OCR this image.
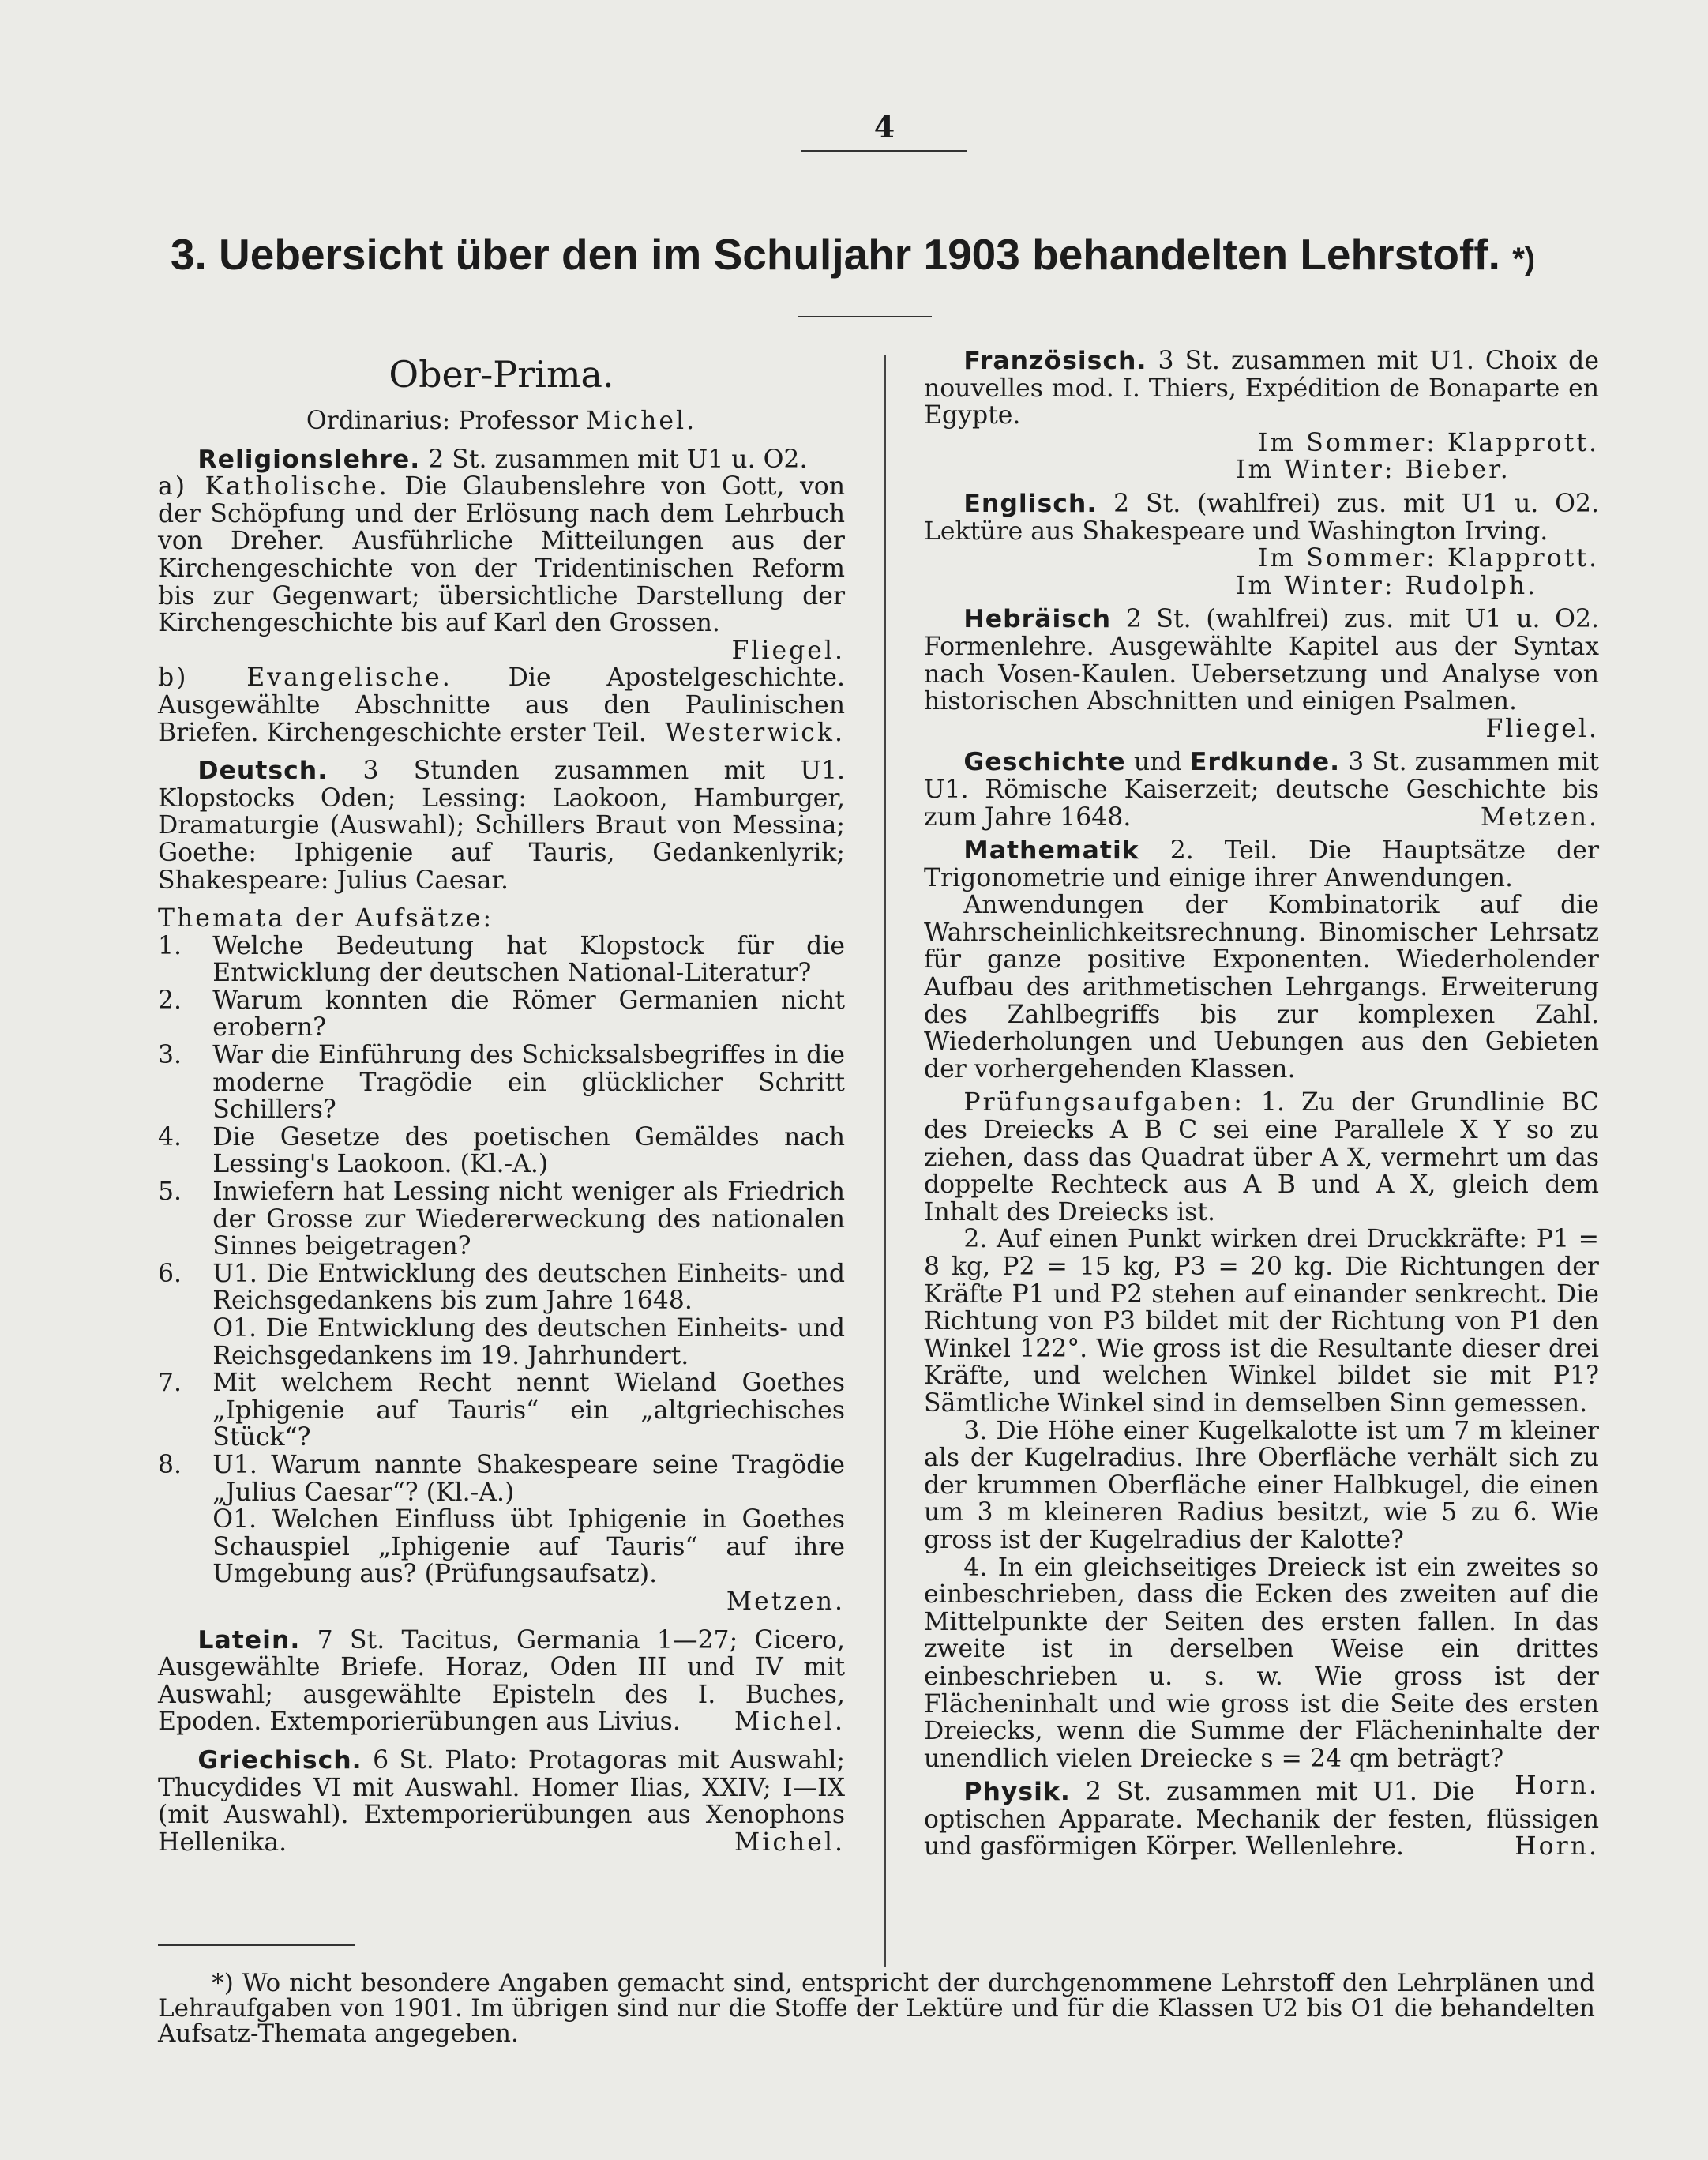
4
3. Uebersicht über den im Schuljahr 1903 behandelten Lehrstoff. *)
Ober-Prima.
Ordinarius: Professor Michel.

Religionslehre. 2 St. zusammen mit U1 u. O2.

a) Katholische. Die Glaubenslehre von Gott, von der Schöpfung und der Erlösung nach dem Lehrbuch von Dreher. Ausführliche Mitteilungen aus der Kirchengeschichte von der Tridentinischen Reform bis zur Gegenwart; übersichtliche Darstellung der Kirchengeschichte bis auf Karl den Grossen.

Fliegel.

b) Evangelische. Die Apostelgeschichte. Ausgewählte Abschnitte aus den Paulinischen Briefen. Kirchengeschichte erster Teil. Westerwick.

Deutsch. 3 Stunden zusammen mit U1. Klopstocks Oden; Lessing: Laokoon, Hamburger, Dramaturgie (Auswahl); Schillers Braut von Messina; Goethe: Iphigenie auf Tauris, Gedankenlyrik; Shakespeare: Julius Caesar.

Themata der Aufsätze:

1. Welche Bedeutung hat Klopstock für die Entwicklung der deutschen National-Literatur?

2. Warum konnten die Römer Germanien nicht erobern?

3. War die Einführung des Schicksalsbegriffes in die moderne Tragödie ein glücklicher Schritt Schillers?

4. Die Gesetze des poetischen Gemäldes nach Lessing's Laokoon. (Kl.-A.)

5. Inwiefern hat Lessing nicht weniger als Friedrich der Grosse zur Wiedererweckung des nationalen Sinnes beigetragen?

6. U1. Die Entwicklung des deutschen Einheits- und Reichsgedankens bis zum Jahre 1648.

O1. Die Entwicklung des deutschen Einheits- und Reichsgedankens im 19. Jahrhundert.

7. Mit welchem Recht nennt Wieland Goethes „Iphigenie auf Tauris“ ein „altgriechisches Stück“?

8. U1. Warum nannte Shakespeare seine Tragödie „Julius Caesar“? (Kl.-A.)

O1. Welchen Einfluss übt Iphigenie in Goethes Schauspiel „Iphigenie auf Tauris“ auf ihre Umgebung aus? (Prüfungsaufsatz).

Metzen.

Latein. 7 St. Tacitus, Germania 1—27; Cicero, Ausgewählte Briefe. Horaz, Oden III und IV mit Auswahl; ausgewählte Episteln des I. Buches, Epoden. Extemporierübungen aus Livius.	Michel.

Griechisch. 6 St. Plato: Protagoras mit Auswahl; Thucydides VI mit Auswahl. Homer Ilias, XXIV; I—IX (mit Auswahl). Extemporierübungen aus Xenophons Hellenika.	Michel.

Französisch. 3 St. zusammen mit U1. Choix de nouvelles mod. I. Thiers, Expédition de Bonaparte en Egypte.

Im Sommer: Klapprott.

Im Winter: Bieber.

Englisch. 2 St. (wahlfrei) zus. mit U1 u. O2. Lektüre aus Shakespeare und Washington Irving.

Im Sommer: Klapprott.

Im Winter: Rudolph.

Hebräisch 2 St. (wahlfrei) zus. mit U1 u. O2. Formenlehre. Ausgewählte Kapitel aus der Syntax nach Vosen-Kaulen. Uebersetzung und Analyse von historischen Abschnitten und einigen Psalmen.

Fliegel.

Geschichte und Erdkunde. 3 St. zusammen mit U1. Römische Kaiserzeit; deutsche Geschichte bis zum Jahre 1648.	Metzen.

Mathematik 2. Teil. Die Hauptsätze der Trigonometrie und einige ihrer Anwendungen.

Anwendungen der Kombinatorik auf die Wahrscheinlichkeitsrechnung. Binomischer Lehrsatz für ganze positive Exponenten. Wiederholender Aufbau des arithmetischen Lehrgangs. Erweiterung des Zahlbegriffs bis zur komplexen Zahl. Wiederholungen und Uebungen aus den Gebieten der vorhergehenden Klassen.

Prüfungsaufgaben: 1. Zu der Grundlinie BC des Dreiecks A B C sei eine Parallele X Y so zu ziehen, dass das Quadrat über A X, vermehrt um das doppelte Rechteck aus A B und A X, gleich dem Inhalt des Dreiecks ist.

2. Auf einen Punkt wirken drei Druckkräfte: P1 = 8 kg, P2 = 15 kg, P3 = 20 kg. Die Richtungen der Kräfte P1 und P2 stehen auf einander senkrecht. Die Richtung von P3 bildet mit der Richtung von P1 den Winkel 122°. Wie gross ist die Resultante dieser drei Kräfte, und welchen Winkel bildet sie mit P1? Sämtliche Winkel sind in demselben Sinn gemessen.

3. Die Höhe einer Kugelkalotte ist um 7 m kleiner als der Kugelradius. Ihre Oberfläche verhält sich zu der krummen Oberfläche einer Halbkugel, die einen um 3 m kleineren Radius besitzt, wie 5 zu 6. Wie gross ist der Kugelradius der Kalotte?

4. In ein gleichseitiges Dreieck ist ein zweites so einbeschrieben, dass die Ecken des zweiten auf die Mittelpunkte der Seiten des ersten fallen. In das zweite ist in derselben Weise ein drittes einbeschrieben u. s. w. Wie gross ist der Flächeninhalt und wie gross ist die Seite des ersten Dreiecks, wenn die Summe der Flächeninhalte der unendlich vielen Dreiecke s = 24 qm beträgt?
Horn.

Physik. 2 St. zusammen mit U1. Die optischen Apparate. Mechanik der festen, flüssigen und gasförmigen Körper. Wellenlehre.	Horn.

*) Wo nicht besondere Angaben gemacht sind, entspricht der durchgenommene Lehrstoff den Lehrplänen und Lehraufgaben von 1901. Im übrigen sind nur die Stoffe der Lektüre und für die Klassen U2 bis O1 die behandelten Aufsatz-Themata angegeben.
